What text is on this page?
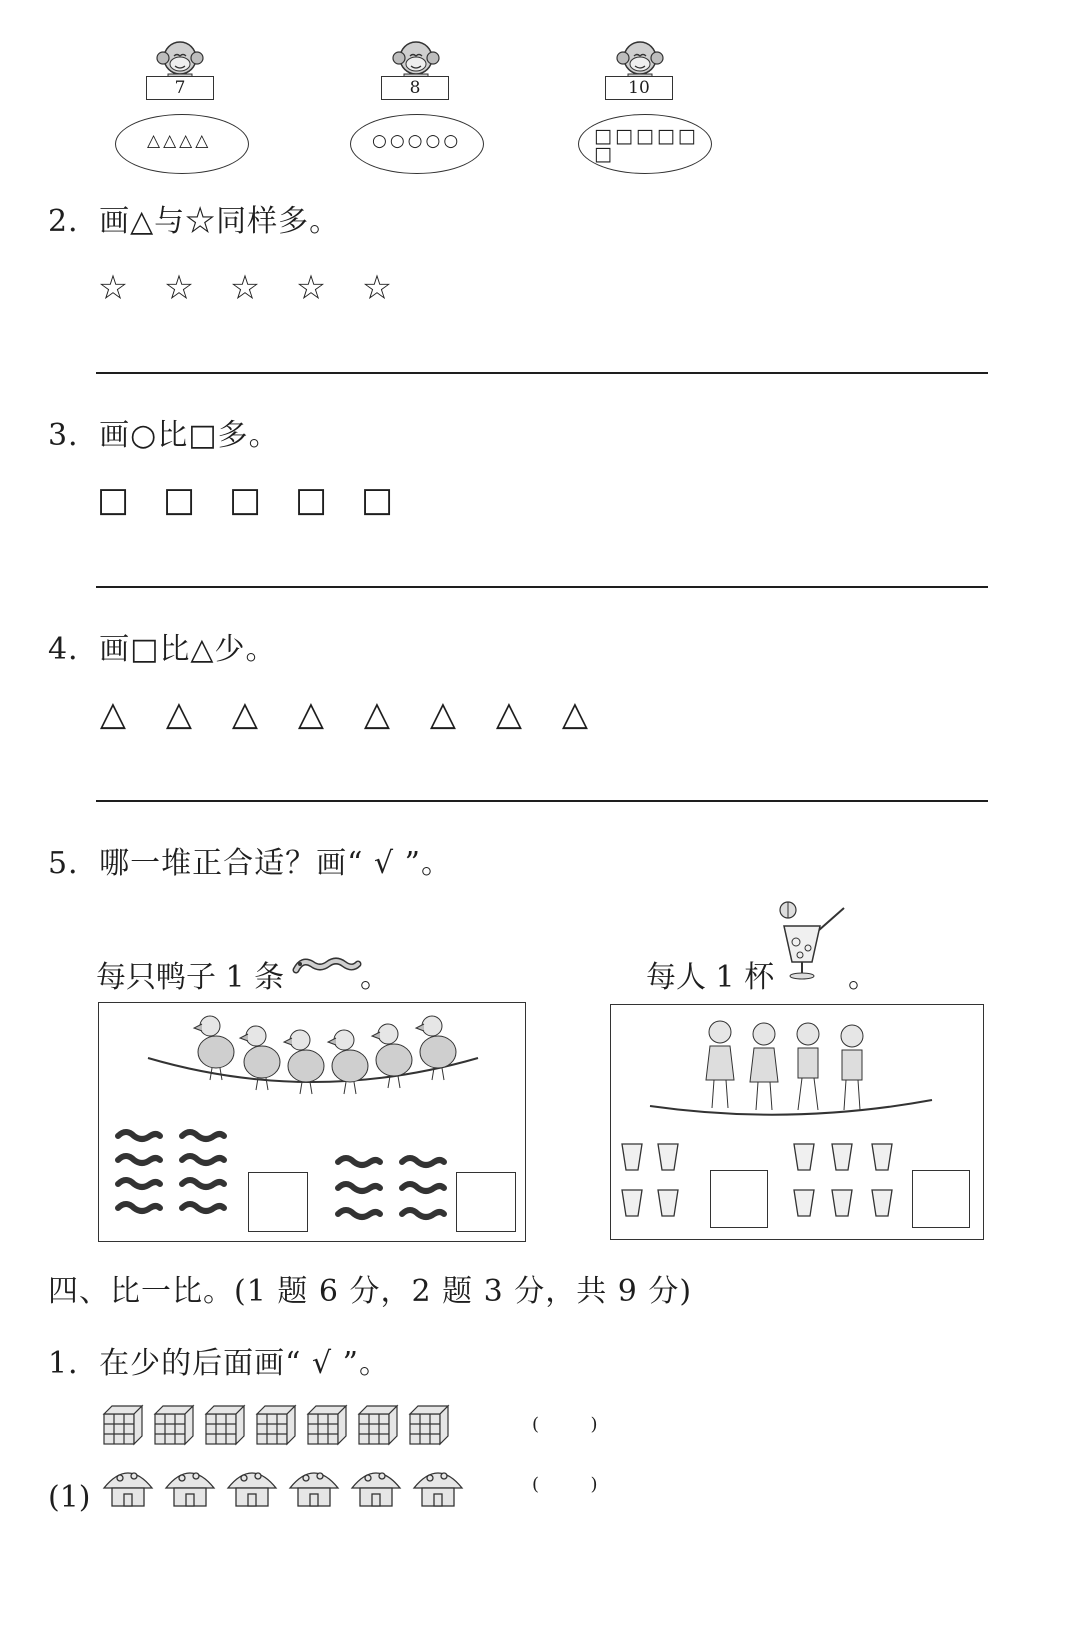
7
△△△△
8
○○○○○
10
□□□□□
□
2．画△与☆同样多。
☆	☆	☆	☆	☆
3．画○比□多。
□ □ □ □ □
4．画□比△少。
△	△	△	△	△	△	△	△
5．哪一堆正合适？画“ √ ”。
每只鸭子 1 条	。	每人 1 杯 。
四、比一比。(1 题 6 分，2 题 3 分，共 9 分)
1．在少的后面画“ √ ”。
(         )
(1)	(         )
